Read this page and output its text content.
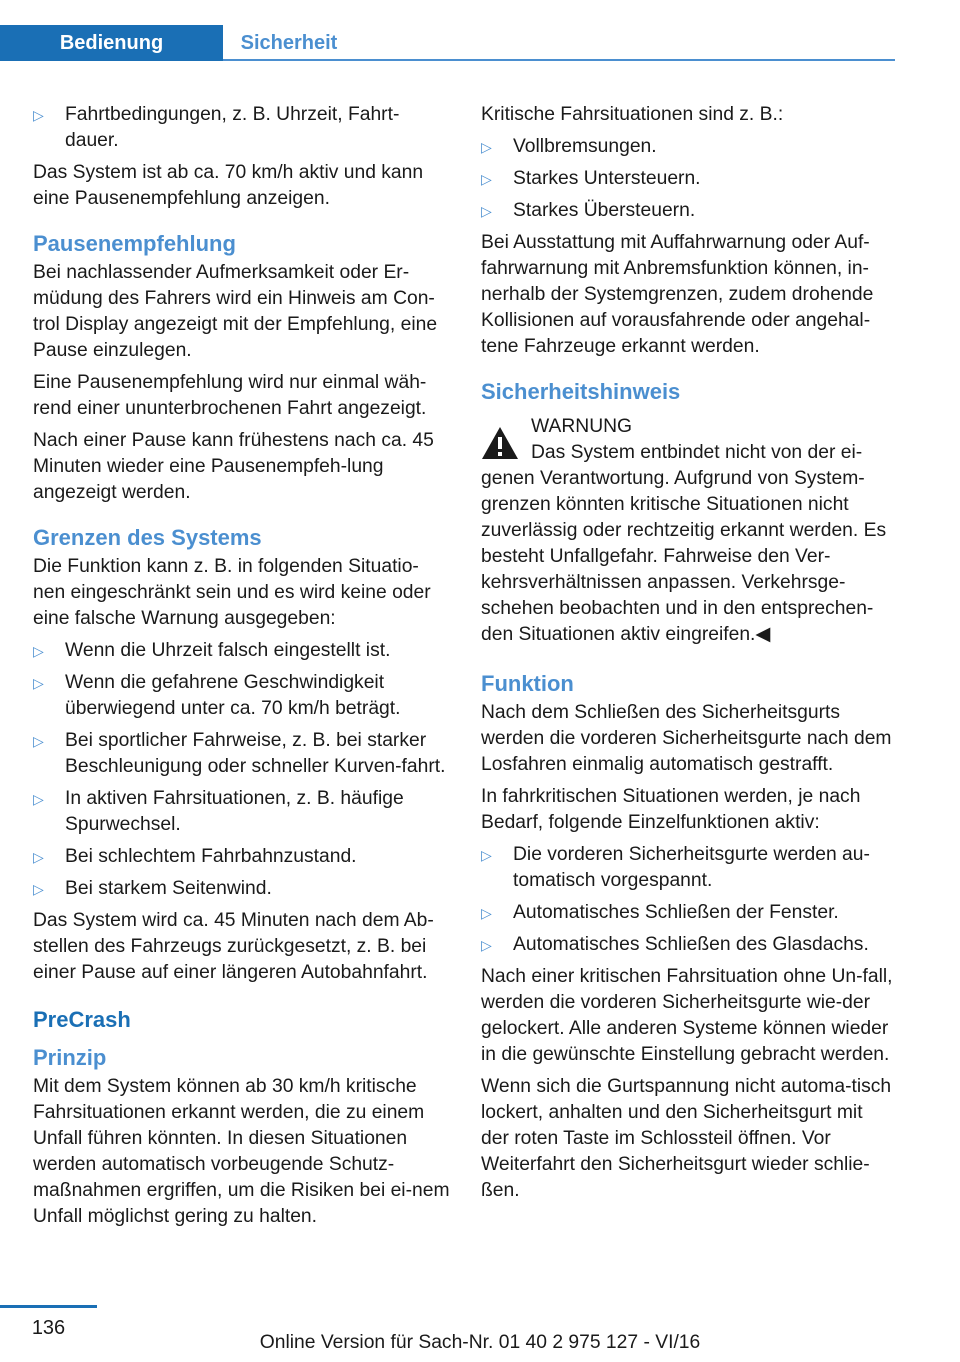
Bedienung	Sicherheit
▷	Fahrtbedingungen, z. B. Uhrzeit, Fahrt‐dauer.

Das System ist ab ca. 70 km/h aktiv und kann eine Pausenempfehlung anzeigen.

Pausenempfehlung

Bei nachlassender Aufmerksamkeit oder Er‐müdung des Fahrers wird ein Hinweis am Con‐trol Display angezeigt mit der Empfehlung, eine Pause einzulegen.

Eine Pausenempfehlung wird nur einmal wäh‐rend einer ununterbrochenen Fahrt angezeigt.

Nach einer Pause kann frühestens nach ca. 45 Minuten wieder eine Pausenempfeh‐lung angezeigt werden.

Grenzen des Systems

Die Funktion kann z. B. in folgenden Situatio‐nen eingeschränkt sein und es wird keine oder eine falsche Warnung ausgegeben:

▷	Wenn die Uhrzeit falsch eingestellt ist.
▷	Wenn die gefahrene Geschwindigkeit überwiegend unter ca. 70 km/h beträgt.
▷	Bei sportlicher Fahrweise, z. B. bei starker Beschleunigung oder schneller Kurven‐fahrt.
▷	In aktiven Fahrsituationen, z. B. häufige Spurwechsel.
▷	Bei schlechtem Fahrbahnzustand.
▷	Bei starkem Seitenwind.

Das System wird ca. 45 Minuten nach dem Ab‐stellen des Fahrzeugs zurückgesetzt, z. B. bei einer Pause auf einer längeren Autobahnfahrt.

PreCrash
Prinzip

Mit dem System können ab 30 km/h kritische Fahrsituationen erkannt werden, die zu einem Unfall führen könnten. In diesen Situationen werden automatisch vorbeugende Schutz‐maßnahmen ergriffen, um die Risiken bei ei‐nem Unfall möglichst gering zu halten.

Kritische Fahrsituationen sind z. B.:

▷	Vollbremsungen.
▷	Starkes Untersteuern.
▷	Starkes Übersteuern.

Bei Ausstattung mit Auffahrwarnung oder Auf‐fahrwarnung mit Anbremsfunktion können, in‐nerhalb der Systemgrenzen, zudem drohende Kollisionen auf vorausfahrende oder angehal‐tene Fahrzeuge erkannt werden.

Sicherheitshinweis
WARNUNG
Das System entbindet nicht von der ei‐genen Verantwortung. Aufgrund von System‐grenzen könnten kritische Situationen nicht zuverlässig oder rechtzeitig erkannt werden. Es besteht Unfallgefahr. Fahrweise den Ver‐kehrsverhältnissen anpassen. Verkehrsge‐schehen beobachten und in den entsprechen‐den Situationen aktiv eingreifen.◀
Funktion

Nach dem Schließen des Sicherheitsgurts werden die vorderen Sicherheitsgurte nach dem Losfahren einmalig automatisch gestrafft.

In fahrkritischen Situationen werden, je nach Bedarf, folgende Einzelfunktionen aktiv:

▷	Die vorderen Sicherheitsgurte werden au‐tomatisch vorgespannt.
▷	Automatisches Schließen der Fenster.
▷	Automatisches Schließen des Glasdachs.

Nach einer kritischen Fahrsituation ohne Un‐fall, werden die vorderen Sicherheitsgurte wie‐der gelockert. Alle anderen Systeme können wieder in die gewünschte Einstellung gebracht werden.

Wenn sich die Gurtspannung nicht automa‐tisch lockert, anhalten und den Sicherheitsgurt mit der roten Taste im Schlossteil öffnen. Vor Weiterfahrt den Sicherheitsgurt wieder schlie‐ßen.

136
Online Version für Sach-Nr. 01 40 2 975 127 - VI/16
